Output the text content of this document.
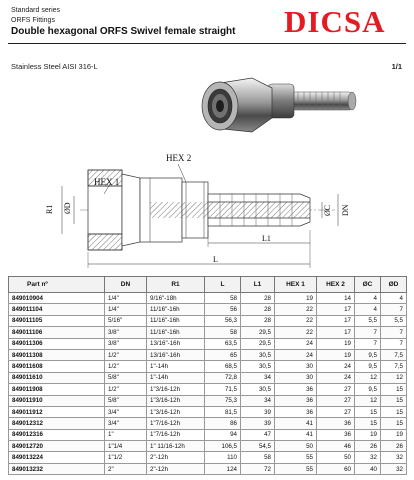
Standard series
ORFS Fittings
Double hexagonal ORFS Swivel female straight DICSA
Stainless Steel AISI 316-L	1/1
HEX 1
HEX 2
R1 ØD	ØC DN
L1
L
Part nº	DN	R1	L	L1	HEX 1	HEX 2	ØC	ØD
849010904	1/4"	9/16"-18h	58	28	19	14	4	4
849011104	1/4"	11/16"-16h	56	28	22	17	4	7
849011105	5/16"	11/16"-16h	56,3	28	22	17	5,5	5,5
849011106	3/8"	11/16"-16h	58	29,5	22	17	7	7
849011306	3/8"	13/16"-16h	63,5	29,5	24	19	7	7
849011308	1/2"	13/16"-16h	65	30,5	24	19	9,5	7,5
849011608	1/2"	1"-14h	68,5	30,5	30	24	9,5	7,5
849011610	5/8"	1"-14h	72,8	34	30	24	12	12
849011908	1/2"	1"3/16-12h	71,5	30,5	36	27	9,5	15
849011910	5/8"	1"3/16-12h	75,3	34	36	27	12	15
849011912	3/4"	1"3/16-12h	81,5	39	36	27	15	15
849012312	3/4"	1"7/16-12h	86	39	41	36	15	15
849012316	1"	1"7/16-12h	94	47	41	36	19	19
849012720	1"1/4	1" 11/16-12h	106,5	54,5	50	46	26	26
849013224	1"1/2	2"-12h	110	58	55	50	32	32
849013232	2"	2"-12h	124	72	55	60	40	32
